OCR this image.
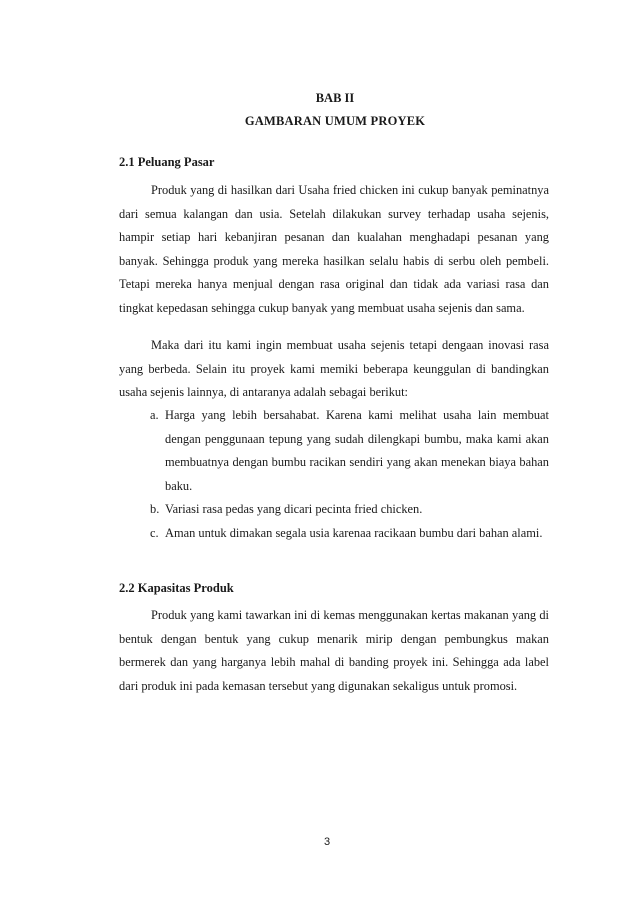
BAB II

GAMBARAN UMUM PROYEK

2.1 Peluang Pasar

Produk yang di hasilkan dari Usaha fried chicken ini cukup banyak peminatnya dari semua kalangan dan usia. Setelah dilakukan survey terhadap usaha sejenis, hampir setiap hari kebanjiran pesanan dan kualahan menghadapi pesanan yang banyak. Sehingga produk yang mereka hasilkan selalu habis di serbu oleh pembeli. Tetapi mereka hanya menjual dengan rasa original dan tidak ada variasi rasa dan tingkat kepedasan sehingga cukup banyak yang membuat usaha sejenis dan sama.

Maka dari itu kami ingin membuat usaha sejenis tetapi dengaan inovasi rasa yang berbeda. Selain itu proyek kami memiki beberapa keunggulan di bandingkan usaha sejenis lainnya, di antaranya adalah sebagai berikut:

a. Harga yang lebih bersahabat. Karena kami melihat usaha lain membuat dengan penggunaan tepung yang sudah dilengkapi bumbu, maka kami akan membuatnya dengan bumbu racikan sendiri yang akan menekan biaya bahan baku.
b. Variasi rasa pedas yang dicari pecinta fried chicken.
c. Aman untuk dimakan segala usia karenaa racikaan bumbu dari bahan alami.

2.2 Kapasitas Produk

Produk yang kami tawarkan ini di kemas menggunakan kertas makanan yang di bentuk dengan bentuk yang cukup menarik mirip dengan pembungkus makan bermerek dan yang harganya lebih mahal di banding proyek ini. Sehingga ada label dari produk ini pada kemasan tersebut yang digunakan sekaligus untuk promosi.

3
